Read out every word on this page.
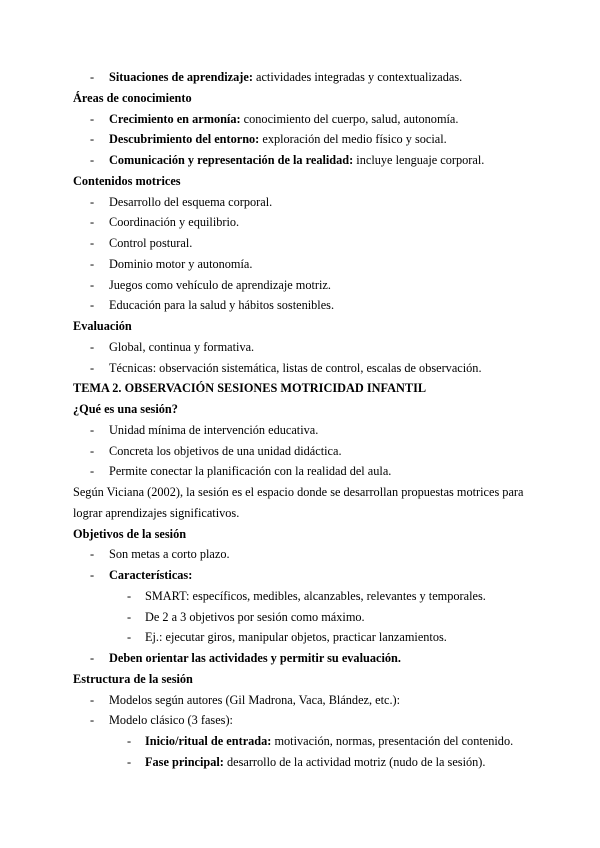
- Situaciones de aprendizaje: actividades integradas y contextualizadas.
Áreas de conocimiento
- Crecimiento en armonía: conocimiento del cuerpo, salud, autonomía.
- Descubrimiento del entorno: exploración del medio físico y social.
- Comunicación y representación de la realidad: incluye lenguaje corporal.
Contenidos motrices
- Desarrollo del esquema corporal.
- Coordinación y equilibrio.
- Control postural.
- Dominio motor y autonomía.
- Juegos como vehículo de aprendizaje motriz.
- Educación para la salud y hábitos sostenibles.
Evaluación
- Global, continua y formativa.
- Técnicas: observación sistemática, listas de control, escalas de observación.
TEMA 2. OBSERVACIÓN SESIONES MOTRICIDAD INFANTIL
¿Qué es una sesión?
- Unidad mínima de intervención educativa.
- Concreta los objetivos de una unidad didáctica.
- Permite conectar la planificación con la realidad del aula.
Según Viciana (2002), la sesión es el espacio donde se desarrollan propuestas motrices para
lograr aprendizajes significativos.
Objetivos de la sesión
- Son metas a corto plazo.
- Características:
- SMART: específicos, medibles, alcanzables, relevantes y temporales.
- De 2 a 3 objetivos por sesión como máximo.
- Ej.: ejecutar giros, manipular objetos, practicar lanzamientos.
- Deben orientar las actividades y permitir su evaluación.
Estructura de la sesión
- Modelos según autores (Gil Madrona, Vaca, Blández, etc.):
- Modelo clásico (3 fases):
- Inicio/ritual de entrada: motivación, normas, presentación del contenido.
- Fase principal: desarrollo de la actividad motriz (nudo de la sesión).
